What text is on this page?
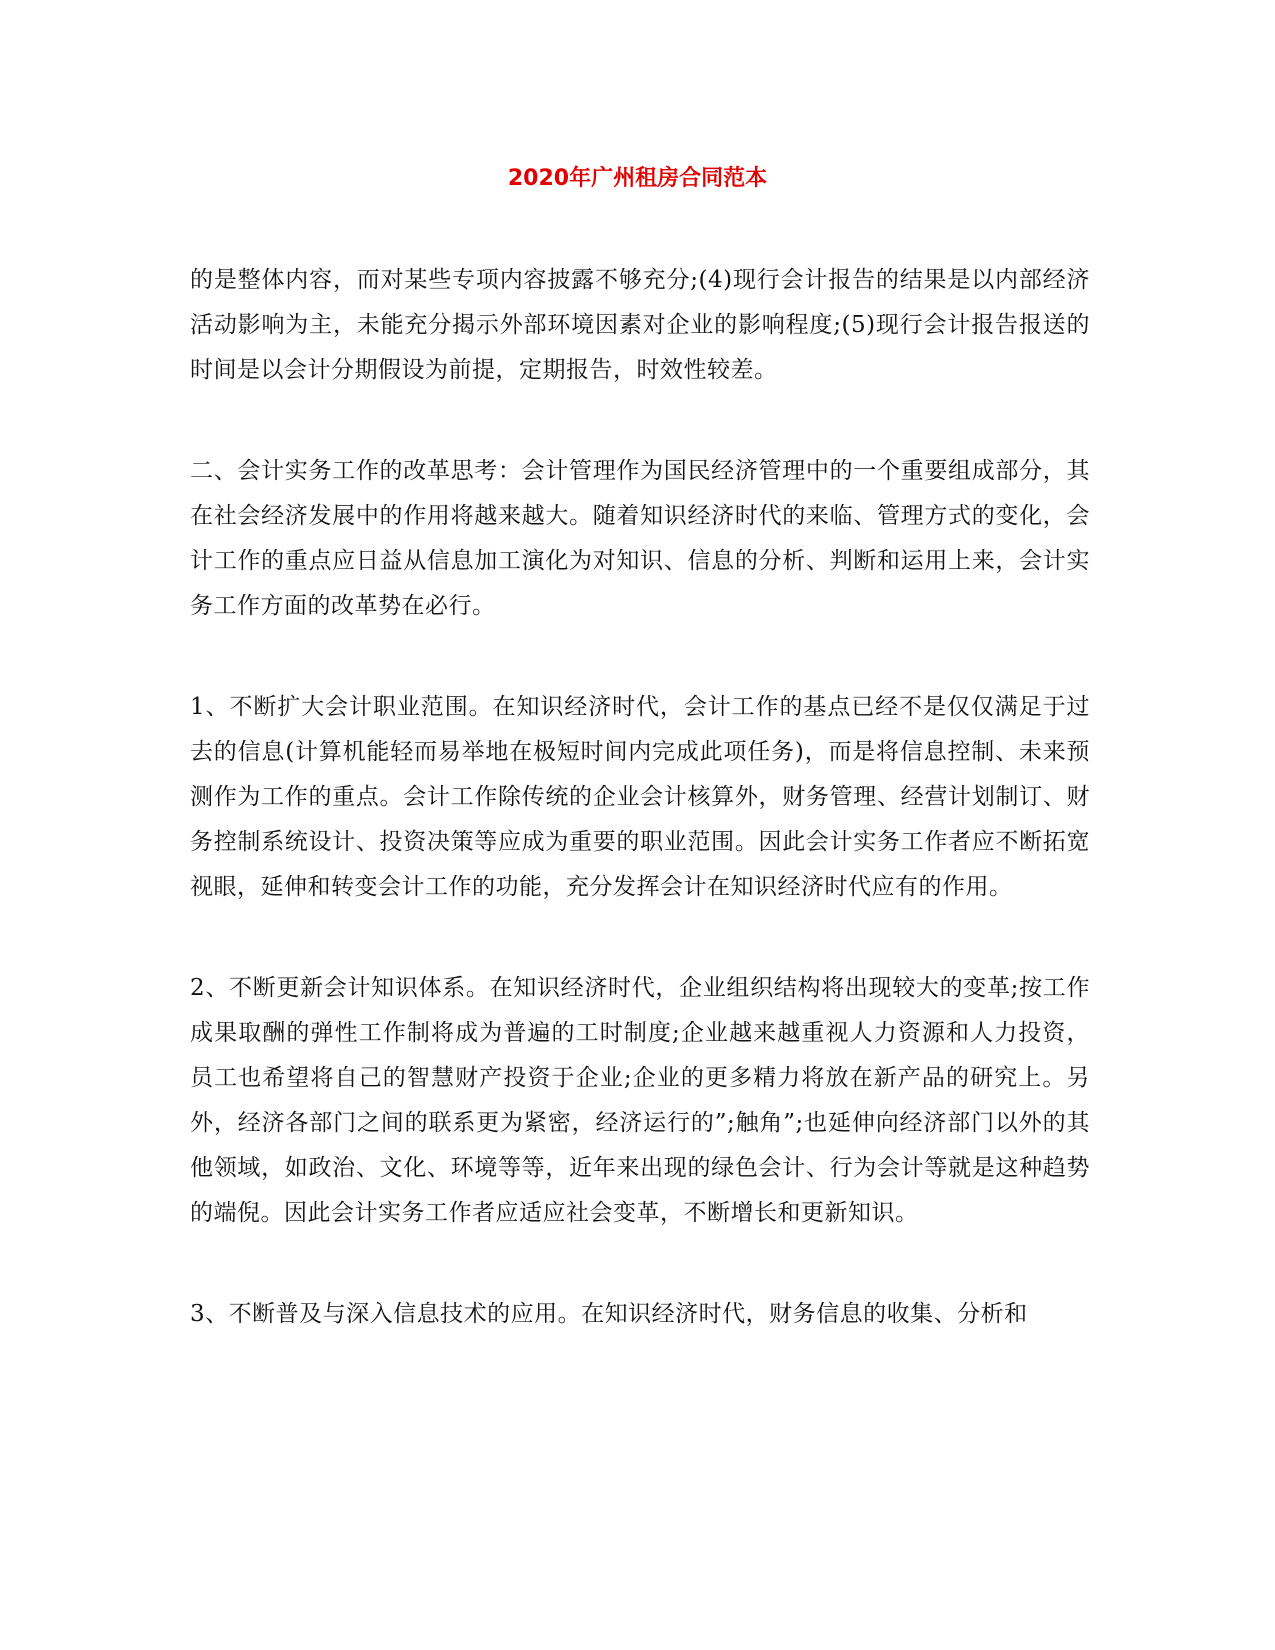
2020年广州租房合同范本

的是整体内容，而对某些专项内容披露不够充分;(4)现行会计报告的结果是以内部经济活动影响为主，未能充分揭示外部环境因素对企业的影响程度;(5)现行会计报告报送的时间是以会计分期假设为前提，定期报告，时效性较差。

二、会计实务工作的改革思考：会计管理作为国民经济管理中的一个重要组成部分，其在社会经济发展中的作用将越来越大。随着知识经济时代的来临、管理方式的变化，会计工作的重点应日益从信息加工演化为对知识、信息的分析、判断和运用上来，会计实务工作方面的改革势在必行。

1、不断扩大会计职业范围。在知识经济时代，会计工作的基点已经不是仅仅满足于过去的信息(计算机能轻而易举地在极短时间内完成此项任务)，而是将信息控制、未来预测作为工作的重点。会计工作除传统的企业会计核算外，财务管理、经营计划制订、财务控制系统设计、投资决策等应成为重要的职业范围。因此会计实务工作者应不断拓宽视眼，延伸和转变会计工作的功能，充分发挥会计在知识经济时代应有的作用。

2、不断更新会计知识体系。在知识经济时代，企业组织结构将出现较大的变革;按工作成果取酬的弹性工作制将成为普遍的工时制度;企业越来越重视人力资源和人力投资，员工也希望将自己的智慧财产投资于企业;企业的更多精力将放在新产品的研究上。另外，经济各部门之间的联系更为紧密，经济运行的”;触角”;也延伸向经济部门以外的其他领域，如政治、文化、环境等等，近年来出现的绿色会计、行为会计等就是这种趋势的端倪。因此会计实务工作者应适应社会变革，不断增长和更新知识。

3、不断普及与深入信息技术的应用。在知识经济时代，财务信息的收集、分析和
